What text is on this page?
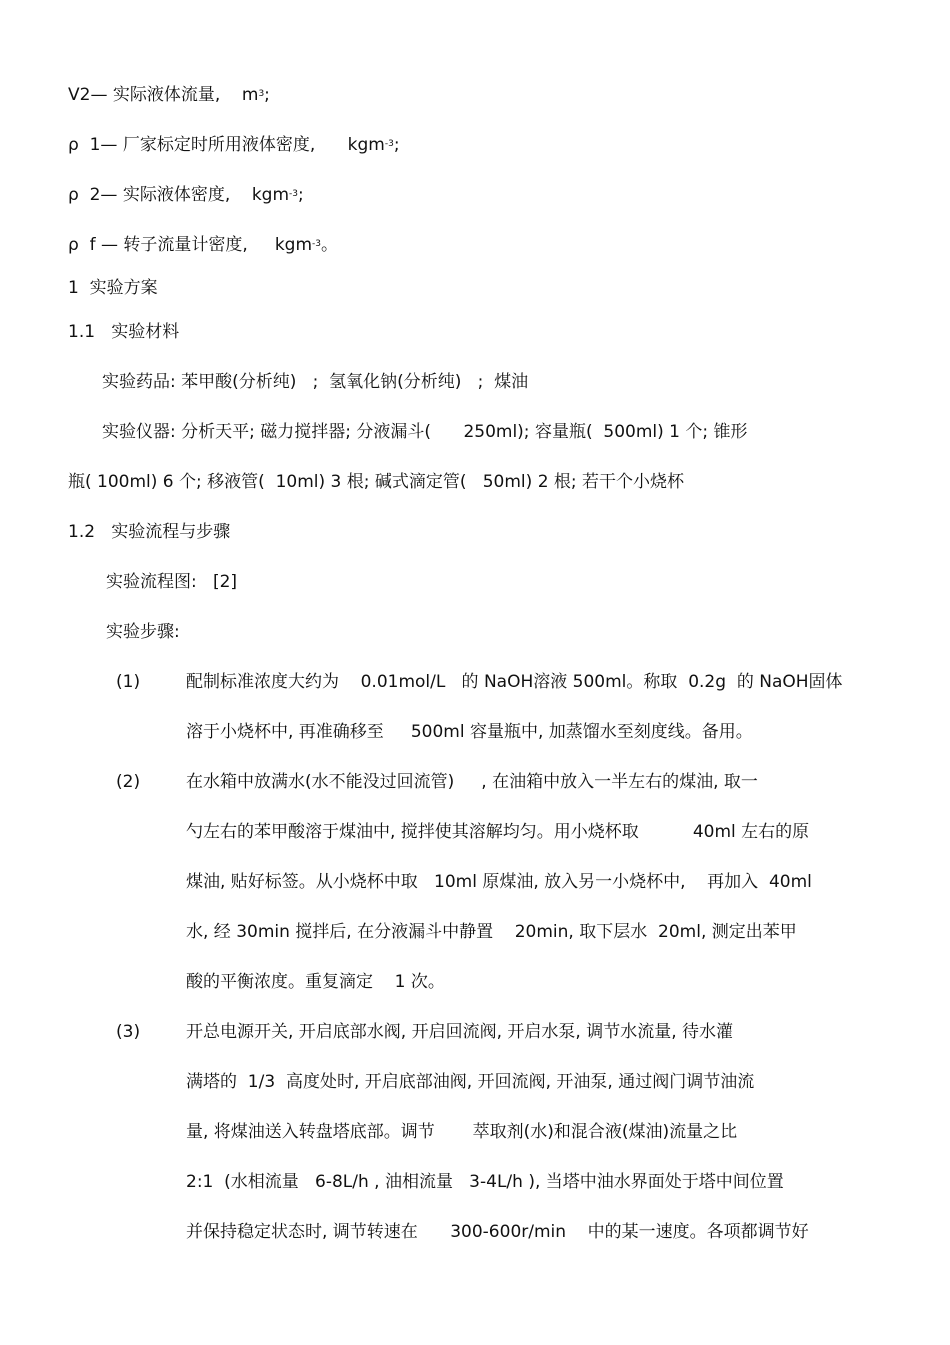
V2— 实际液体流量,    $m^3$;
ρ  1— 厂家标定时所用液体密度,      kgm$^{-3}$;
ρ  2— 实际液体密度,    kgm$^{-3}$;
ρ  f — 转子流量计密度,     kgm$^{-3}$。
1  实验方案
1.1   实验材料
实验药品: 苯甲酸(分析纯)   ;  氢氧化钠(分析纯)   ;  煤油
实验仪器: 分析天平; 磁力搅拌器; 分液漏斗(      250ml); 容量瓶(  500ml) 1 个; 锥形
瓶( 100ml) 6 个; 移液管(  10ml) 3 根; 碱式滴定管(   50ml) 2 根; 若干个小烧杯
1.2   实验流程与步骤
实验流程图:   [2]
实验步骤:
(1)	配制标准浓度大约为    0.01mol/L   的 NaOH溶液 500ml。称取  0.2g  的 NaOH固体
溶于小烧杯中, 再准确移至     500ml 容量瓶中, 加蒸馏水至刻度线。备用。
(2)	在水箱中放满水(水不能没过回流管)     , 在油箱中放入一半左右的煤油, 取一
勺左右的苯甲酸溶于煤油中, 搅拌使其溶解均匀。用小烧杯取          40ml 左右的原
煤油, 贴好标签。从小烧杯中取   10ml 原煤油, 放入另一小烧杯中,    再加入  40ml
水, 经 30min 搅拌后, 在分液漏斗中静置    20min, 取下层水  20ml, 测定出苯甲
酸的平衡浓度。重复滴定    1 次。
(3)	开总电源开关, 开启底部水阀, 开启回流阀, 开启水泵, 调节水流量, 待水灌
满塔的  1/3  高度处时, 开启底部油阀, 开回流阀, 开油泵, 通过阀门调节油流
量, 将煤油送入转盘塔底部。调节       萃取剂(水)和混合液(煤油)流量之比
2:1  (水相流量   6-8L/h , 油相流量   3-4L/h ), 当塔中油水界面处于塔中间位置
并保持稳定状态时, 调节转速在      300-600r/min    中的某一速度。各项都调节好
